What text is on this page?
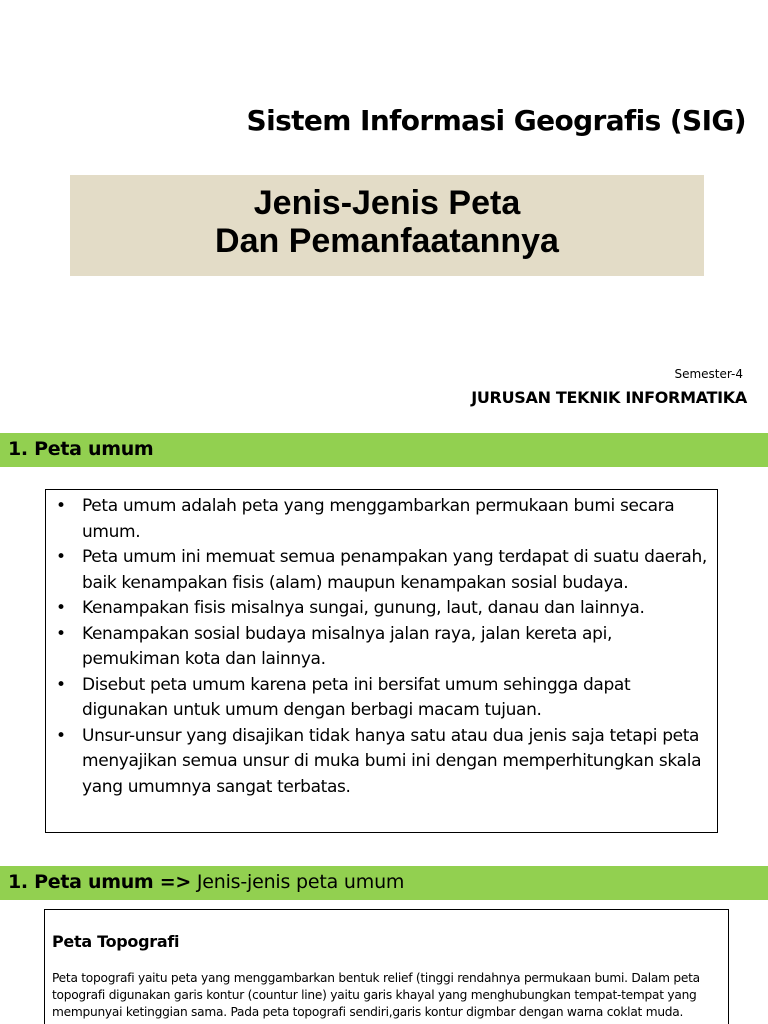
Sistem Informasi Geografis (SIG)
Jenis-Jenis Peta
Dan Pemanfaatannya
Semester-4
JURUSAN TEKNIK INFORMATIKA
1. Peta umum
• Peta umum adalah peta yang menggambarkan permukaan bumi secara umum.
• Peta umum ini memuat semua penampakan yang terdapat di suatu daerah, baik kenampakan fisis (alam) maupun kenampakan sosial budaya.
• Kenampakan fisis misalnya sungai, gunung, laut, danau dan lainnya.
• Kenampakan sosial budaya misalnya jalan raya, jalan kereta api, pemukiman kota dan lainnya.
• Disebut peta umum karena peta ini bersifat umum sehingga dapat digunakan untuk umum dengan berbagi macam tujuan.
• Unsur-unsur yang disajikan tidak hanya satu atau dua jenis saja tetapi peta menyajikan semua unsur di muka bumi ini dengan memperhitungkan skala yang umumnya sangat terbatas.
1. Peta umum => Jenis-jenis peta umum
Peta Topografi
Peta topografi yaitu peta yang menggambarkan bentuk relief (tinggi rendahnya permukaan bumi. Dalam peta topografi digunakan garis kontur (countur line) yaitu garis khayal yang menghubungkan tempat-tempat yang mempunyai ketinggian sama. Pada peta topografi sendiri,garis kontur digmbar dengan warna coklat muda.
